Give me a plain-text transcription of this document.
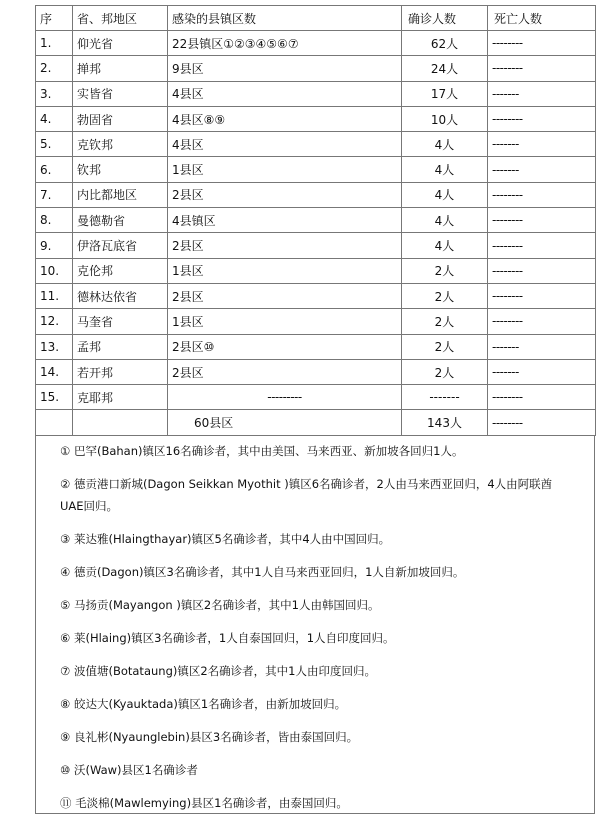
序	省、邦地区	感染的县镇区数	确诊人数	死亡人数
1.	仰光省	22县镇区①②③④⑤⑥⑦	62人	--------
2.	掸邦	9县区	24人	--------
3.	实皆省	4县区	17人	-------
4.	勃固省	4县区⑧⑨	10人	--------
5.	克钦邦	4县区	4人	-------
6.	钦邦	1县区	4人	-------
7.	内比都地区	2县区	4人	--------
8.	曼德勒省	4县镇区	4人	--------
9.	伊洛瓦底省	2县区	4人	--------
10.	克伦邦	1县区	2人	--------
11.	德林达依省	2县区	2人	--------
12.	马奎省	1县区	2人	--------
13.	孟邦	2县区⑩	2人	-------
14.	若开邦	2县区	2人	-------
15.	克耶邦	---------	-------	--------
		60县区	143人	--------
① 巴罕(Bahan)镇区16名确诊者，其中由美国、马来西亚、新加坡各回归1人。
② 德贡港口新城(Dagon Seikkan Myothit )镇区6名确诊者，2人由马来西亚回归，4人由阿联酋
UAE回归。
③ 莱达雅(Hlaingthayar)镇区5名确诊者，其中4人由中国回归。
④ 德贡(Dagon)镇区3名确诊者，其中1人自马来西亚回归，1人自新加坡回归。
⑤ 马扬贡(Mayangon )镇区2名确诊者，其中1人由韩国回归。
⑥ 莱(Hlaing)镇区3名确诊者，1人自泰国回归，1人自印度回归。
⑦ 波值塘(Botataung)镇区2名确诊者，其中1人由印度回归。
⑧ 皎达大(Kyauktada)镇区1名确诊者，由新加坡回归。
⑨ 良礼彬(Nyaunglebin)县区3名确诊者，皆由泰国回归。
⑩ 沃(Waw)县区1名确诊者
⑪ 毛淡棉(Mawlemying)县区1名确诊者，由泰国回归。
